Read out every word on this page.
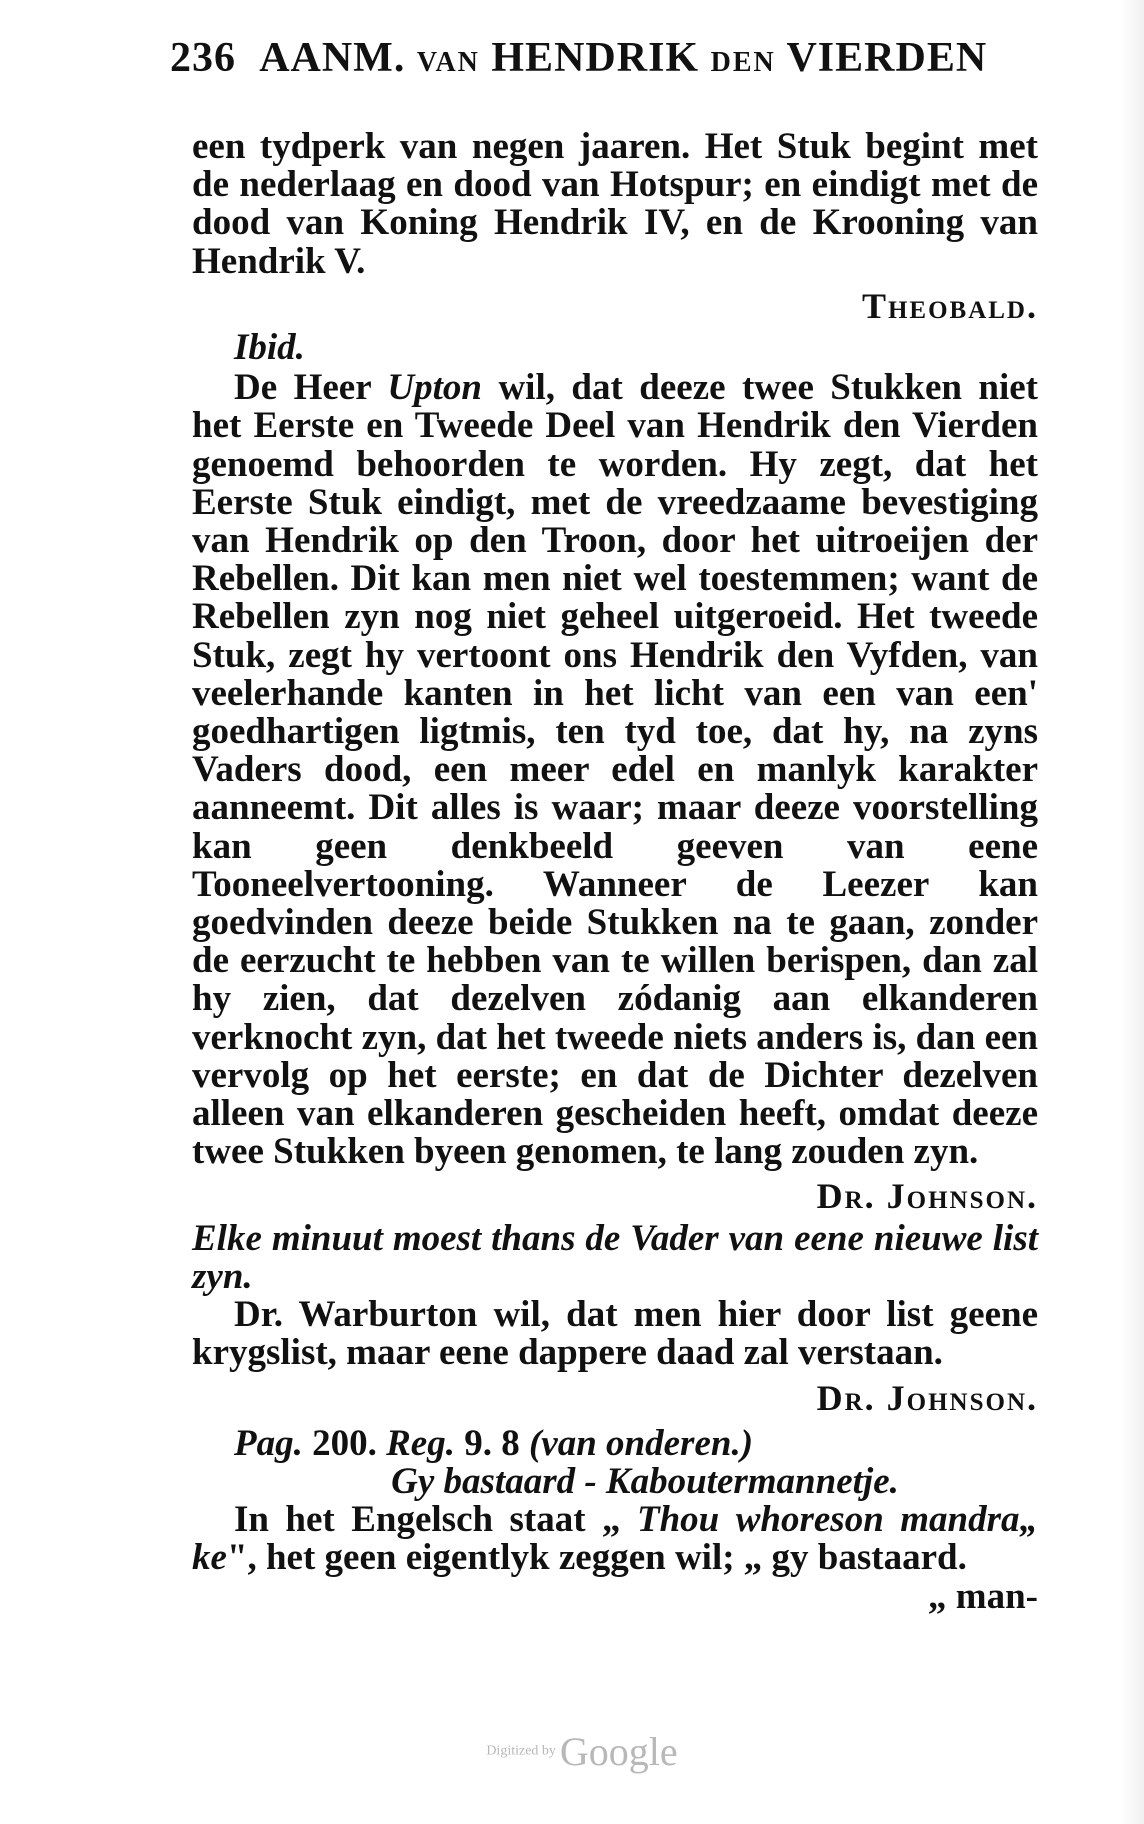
236 AANM. VAN HENDRIK DEN VIERDEN

een tydperk van negen jaaren. Het Stuk begint met de nederlaag en dood van Hotspur; en eindigt met de dood van Koning Hendrik IV, en de Krooning van Hendrik V.

Theobald.
Ibid.

De Heer Upton wil, dat deeze twee Stukken niet het Eerste en Tweede Deel van Hendrik den Vierden genoemd behoorden te worden. Hy zegt, dat het Eerste Stuk eindigt, met de vreedzaame bevestiging van Hendrik op den Troon, door het uitroeijen der Rebellen. Dit kan men niet wel toestemmen; want de Rebellen zyn nog niet geheel uitgeroeid. Het tweede Stuk, zegt hy vertoont ons Hendrik den Vyfden, van veelerhande kanten in het licht van een van een' goedhartigen ligtmis, ten tyd toe, dat hy, na zyns Vaders dood, een meer edel en manlyk karakter aanneemt. Dit alles is waar; maar deeze voorstelling kan geen denkbeeld geeven van eene Tooneelvertooning. Wanneer de Leezer kan goedvinden deeze beide Stukken na te gaan, zonder de eerzucht te hebben van te willen berispen, dan zal hy zien, dat dezelven zódanig aan elkanderen verknocht zyn, dat het tweede niets anders is, dan een vervolg op het eerste; en dat de Dichter dezelven alleen van elkanderen gescheiden heeft, omdat deeze twee Stukken byeen genomen, te lang zouden zyn.

Dr. Johnson.

Elke minuut moest thans de Vader van eene nieuwe list zyn.

Dr. Warburton wil, dat men hier door list geene krygslist, maar eene dappere daad zal verstaan.

Dr. Johnson.
Pag. 200. Reg. 9. 8 (van onderen.)
Gy bastaard - Kaboutermannetje.

In het Engelsch staat „ Thou whoreson mandra„ ke", het geen eigentlyk zeggen wil; „ gy bastaard.

„ man-
Digitized by Google
